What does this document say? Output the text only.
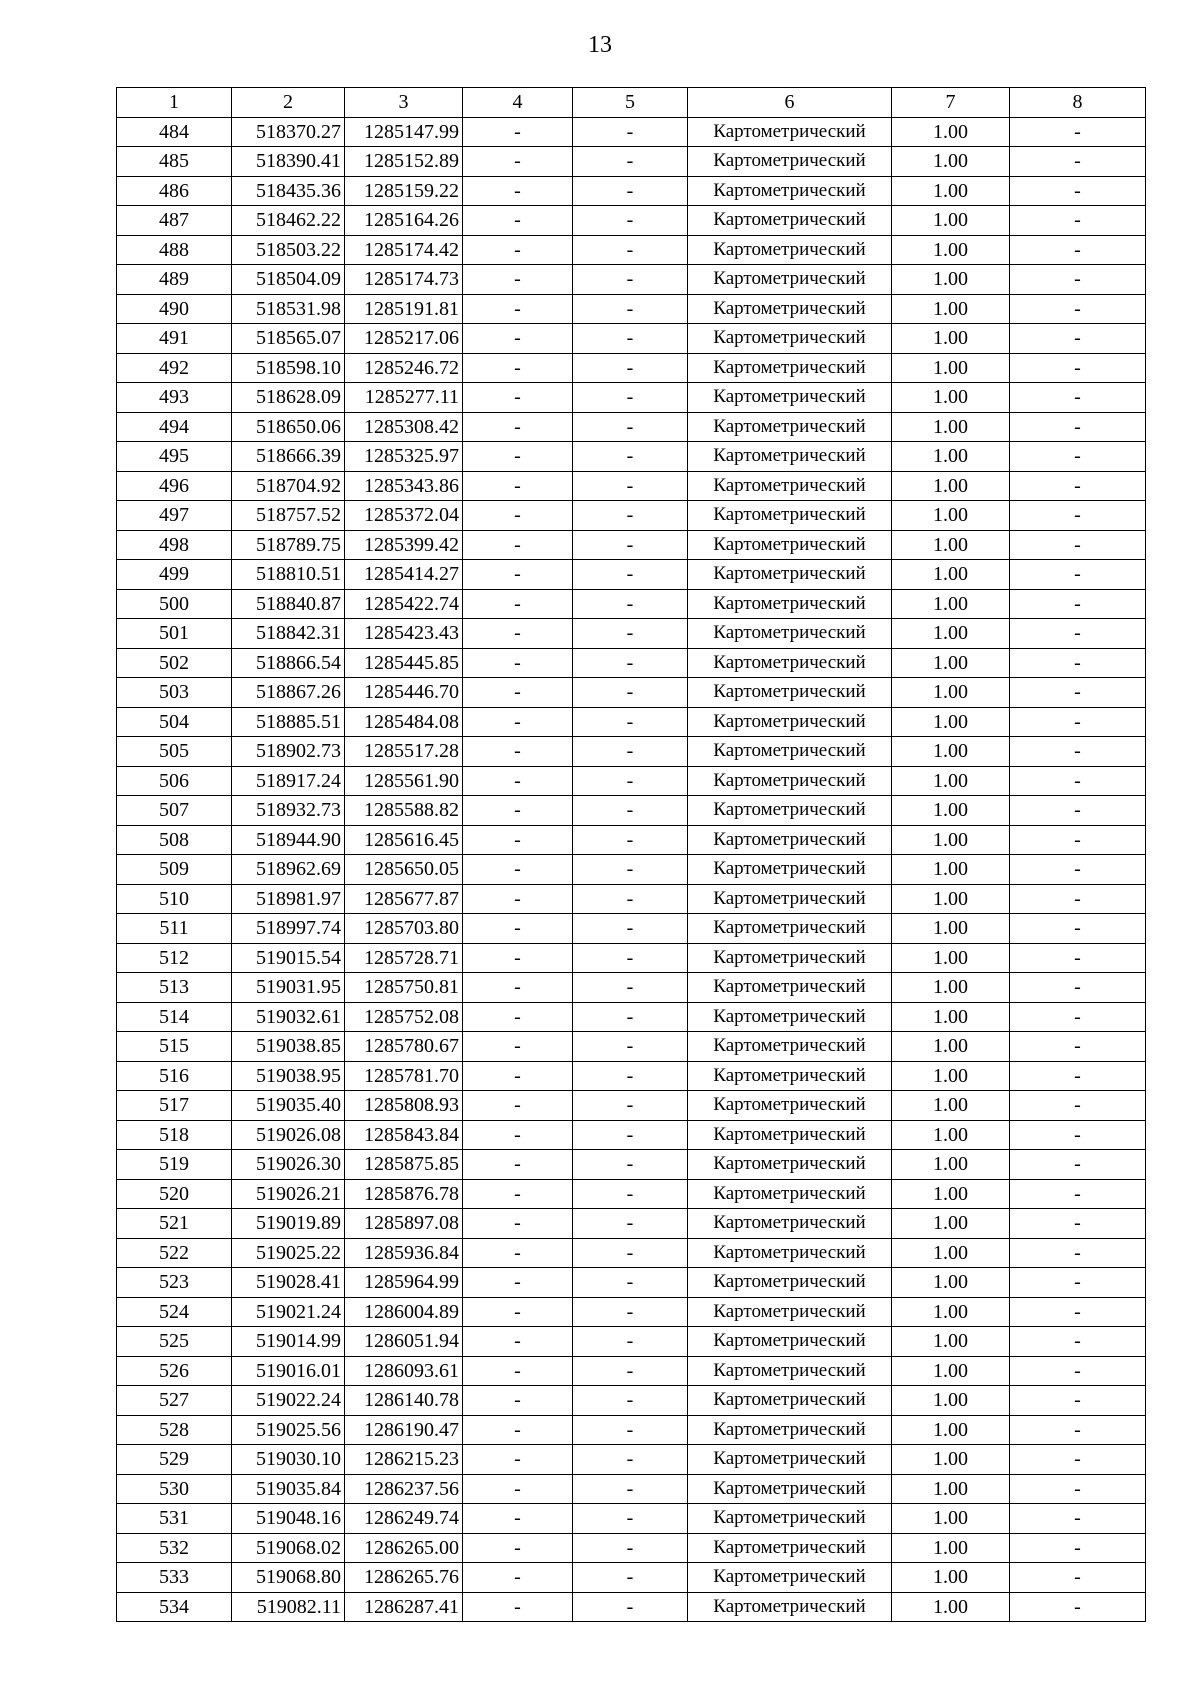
13
1	2	3	4	5	6	7	8
484	518370.27	1285147.99	-	-	Картометрический	1.00	-
485	518390.41	1285152.89	-	-	Картометрический	1.00	-
486	518435.36	1285159.22	-	-	Картометрический	1.00	-
487	518462.22	1285164.26	-	-	Картометрический	1.00	-
488	518503.22	1285174.42	-	-	Картометрический	1.00	-
489	518504.09	1285174.73	-	-	Картометрический	1.00	-
490	518531.98	1285191.81	-	-	Картометрический	1.00	-
491	518565.07	1285217.06	-	-	Картометрический	1.00	-
492	518598.10	1285246.72	-	-	Картометрический	1.00	-
493	518628.09	1285277.11	-	-	Картометрический	1.00	-
494	518650.06	1285308.42	-	-	Картометрический	1.00	-
495	518666.39	1285325.97	-	-	Картометрический	1.00	-
496	518704.92	1285343.86	-	-	Картометрический	1.00	-
497	518757.52	1285372.04	-	-	Картометрический	1.00	-
498	518789.75	1285399.42	-	-	Картометрический	1.00	-
499	518810.51	1285414.27	-	-	Картометрический	1.00	-
500	518840.87	1285422.74	-	-	Картометрический	1.00	-
501	518842.31	1285423.43	-	-	Картометрический	1.00	-
502	518866.54	1285445.85	-	-	Картометрический	1.00	-
503	518867.26	1285446.70	-	-	Картометрический	1.00	-
504	518885.51	1285484.08	-	-	Картометрический	1.00	-
505	518902.73	1285517.28	-	-	Картометрический	1.00	-
506	518917.24	1285561.90	-	-	Картометрический	1.00	-
507	518932.73	1285588.82	-	-	Картометрический	1.00	-
508	518944.90	1285616.45	-	-	Картометрический	1.00	-
509	518962.69	1285650.05	-	-	Картометрический	1.00	-
510	518981.97	1285677.87	-	-	Картометрический	1.00	-
511	518997.74	1285703.80	-	-	Картометрический	1.00	-
512	519015.54	1285728.71	-	-	Картометрический	1.00	-
513	519031.95	1285750.81	-	-	Картометрический	1.00	-
514	519032.61	1285752.08	-	-	Картометрический	1.00	-
515	519038.85	1285780.67	-	-	Картометрический	1.00	-
516	519038.95	1285781.70	-	-	Картометрический	1.00	-
517	519035.40	1285808.93	-	-	Картометрический	1.00	-
518	519026.08	1285843.84	-	-	Картометрический	1.00	-
519	519026.30	1285875.85	-	-	Картометрический	1.00	-
520	519026.21	1285876.78	-	-	Картометрический	1.00	-
521	519019.89	1285897.08	-	-	Картометрический	1.00	-
522	519025.22	1285936.84	-	-	Картометрический	1.00	-
523	519028.41	1285964.99	-	-	Картометрический	1.00	-
524	519021.24	1286004.89	-	-	Картометрический	1.00	-
525	519014.99	1286051.94	-	-	Картометрический	1.00	-
526	519016.01	1286093.61	-	-	Картометрический	1.00	-
527	519022.24	1286140.78	-	-	Картометрический	1.00	-
528	519025.56	1286190.47	-	-	Картометрический	1.00	-
529	519030.10	1286215.23	-	-	Картометрический	1.00	-
530	519035.84	1286237.56	-	-	Картометрический	1.00	-
531	519048.16	1286249.74	-	-	Картометрический	1.00	-
532	519068.02	1286265.00	-	-	Картометрический	1.00	-
533	519068.80	1286265.76	-	-	Картометрический	1.00	-
534	519082.11	1286287.41	-	-	Картометрический	1.00	-
